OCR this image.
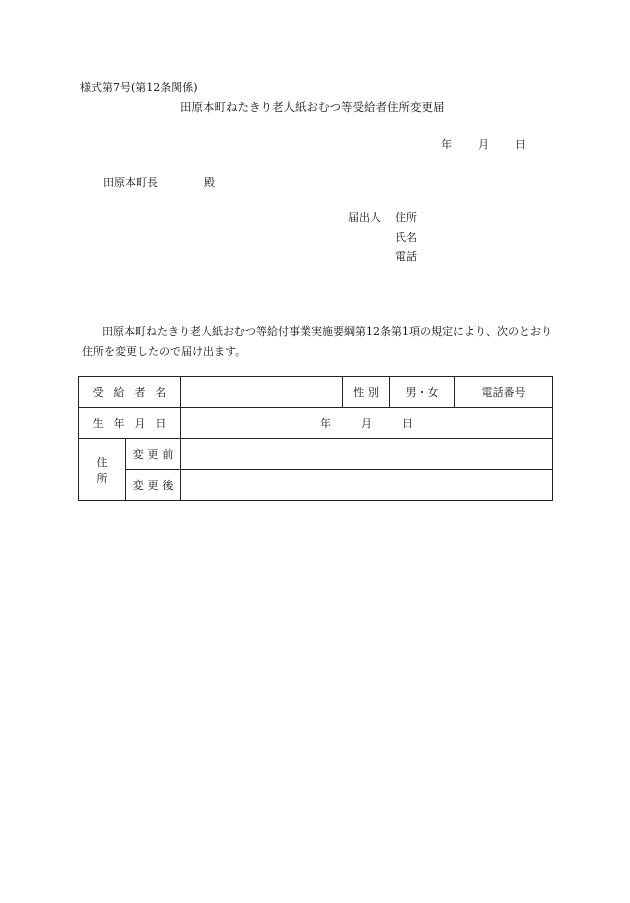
様式第7号(第12条関係)
田原本町ねたきり老人紙おむつ等受給者住所変更届
年 月 日
田原本町長	殿
届出人 住所
氏名
電話
田原本町ねたきり老人紙おむつ等給付事業実施要綱第12条第1項の規定により、次のとおり住所を変更したので届け出ます。
受給者名			性別	男・女	電話番号
生年月日		年 月 日			
住所	変更前				
	変更後				
